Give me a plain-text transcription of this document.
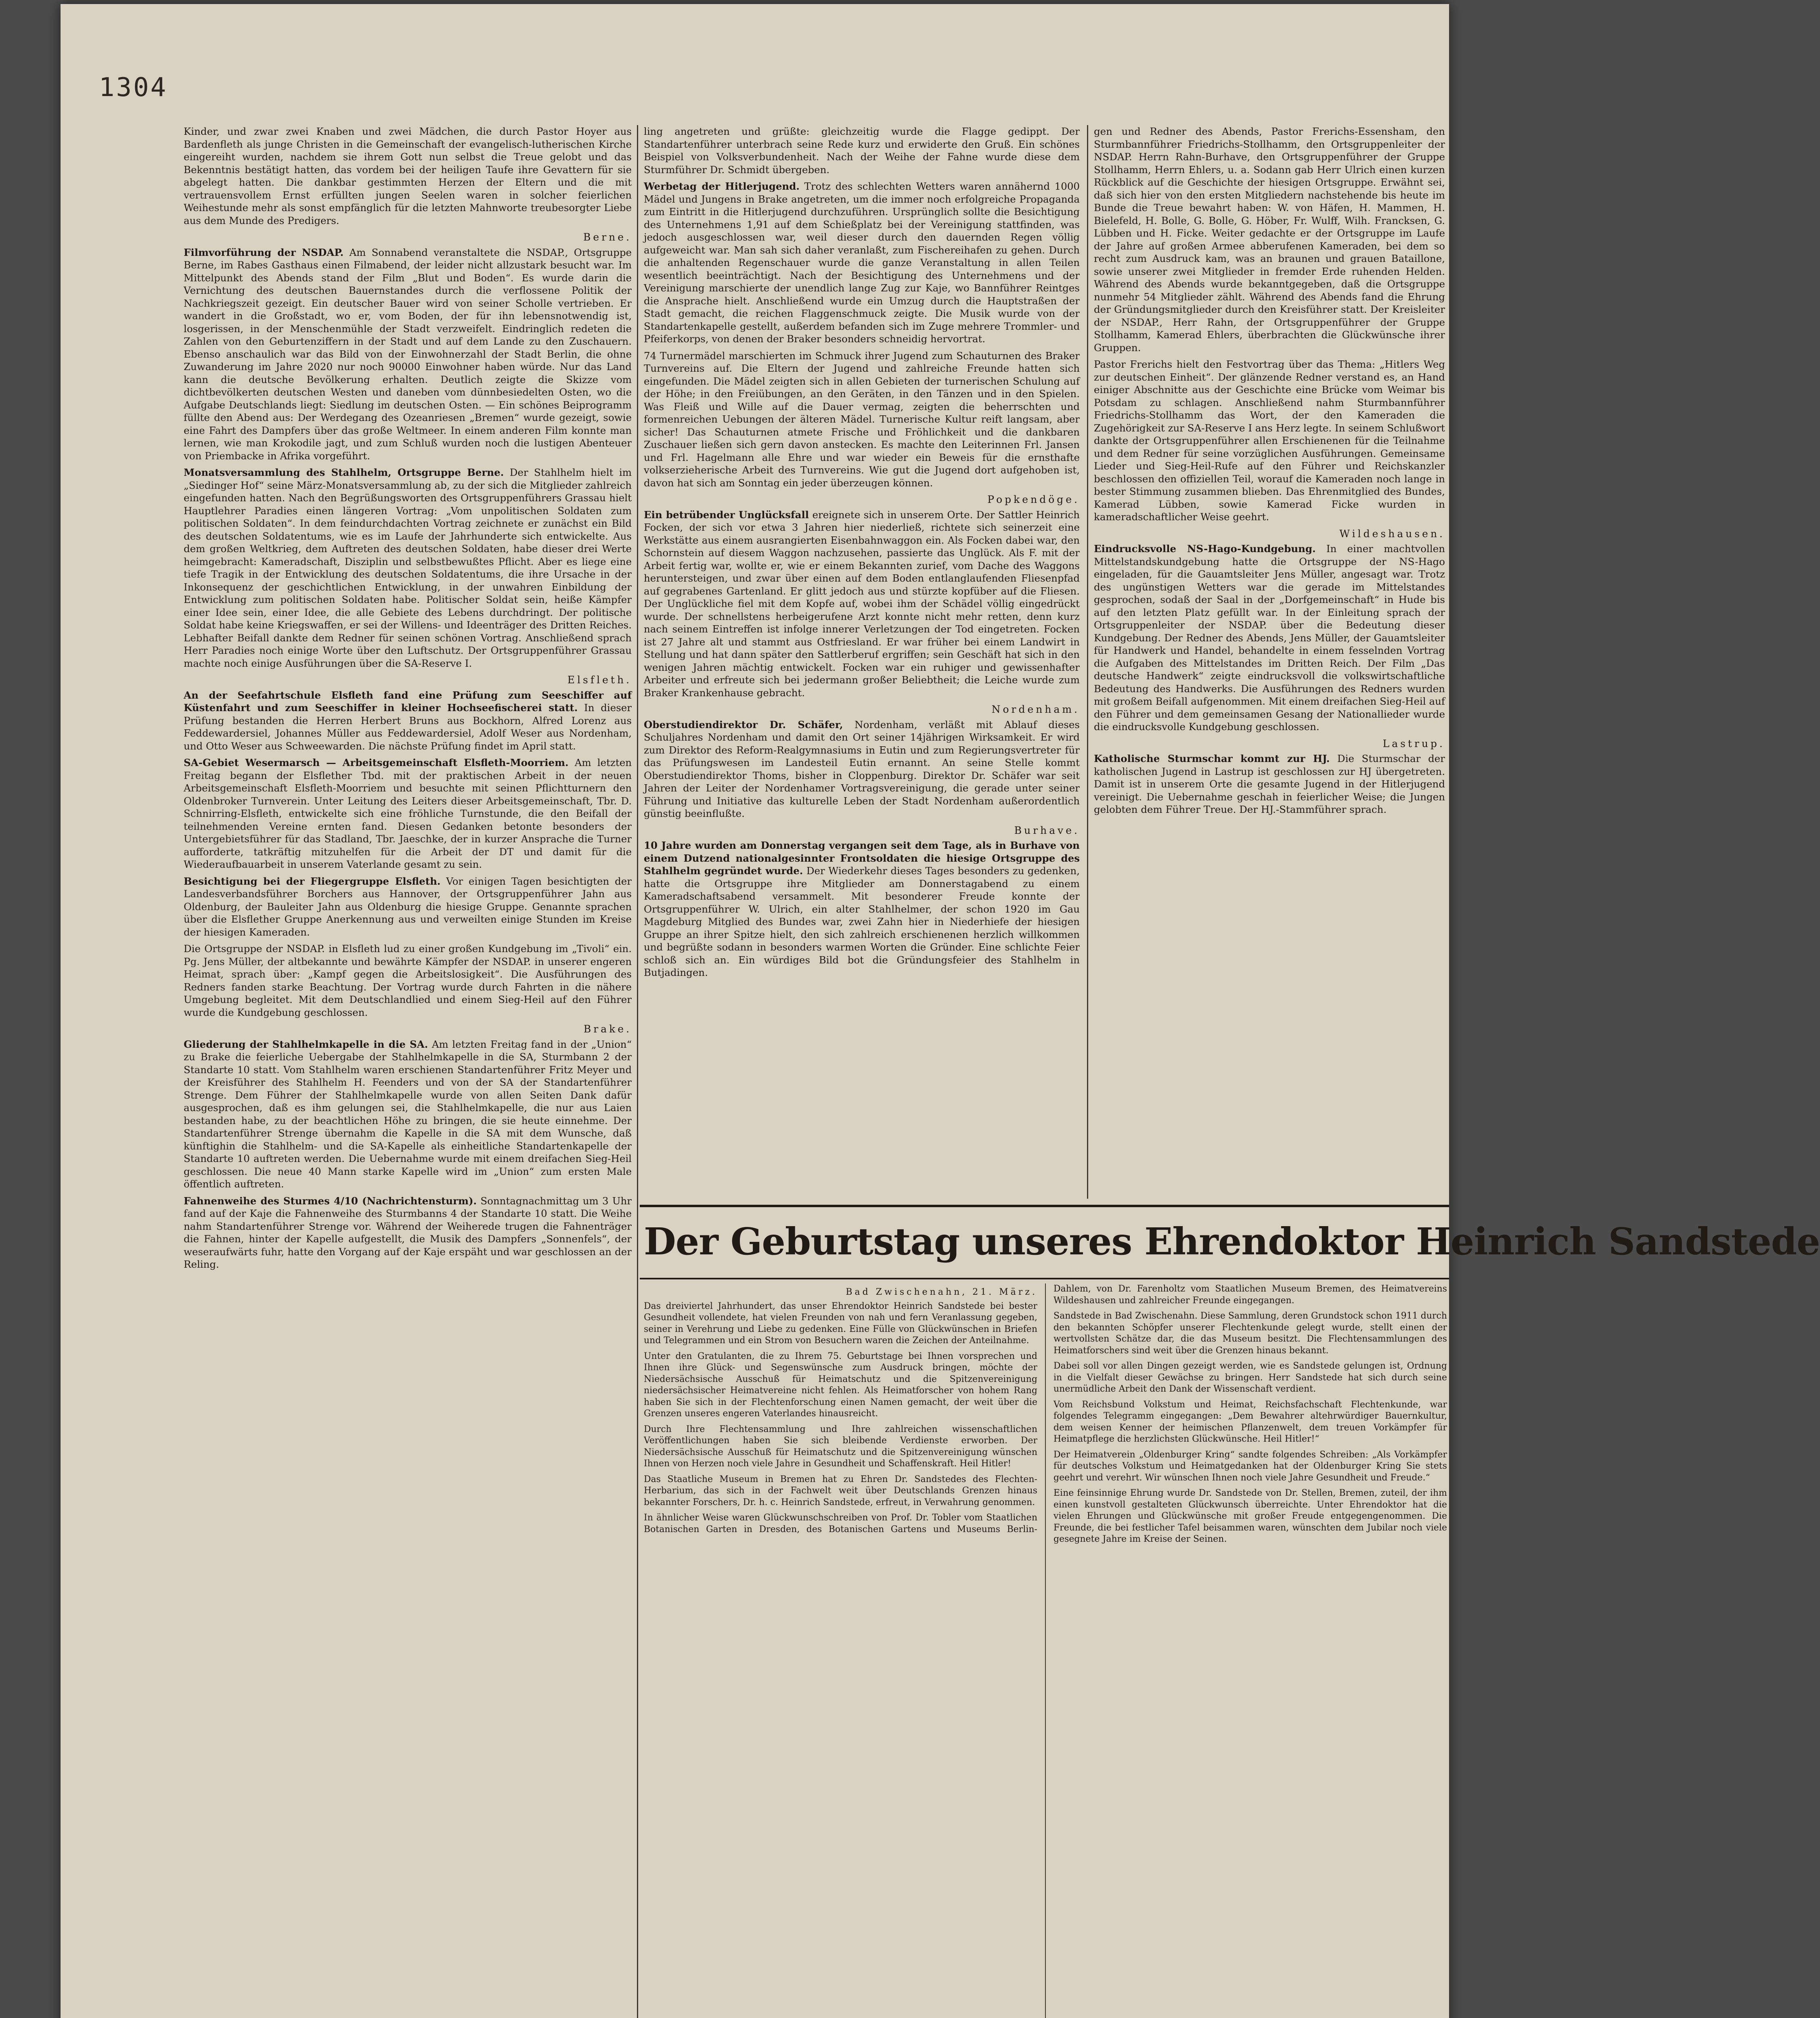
1304

Kinder, und zwar zwei Knaben und zwei Mädchen, die durch Pastor Hoyer aus Bardenfleth als junge Christen in die Gemeinschaft der evangelisch-lutherischen Kirche eingereiht wurden, nachdem sie ihrem Gott nun selbst die Treue gelobt und das Bekenntnis bestätigt hatten, das vordem bei der heiligen Taufe ihre Gevattern für sie abgelegt hatten. Die dankbar gestimmten Herzen der Eltern und die mit vertrauensvollem Ernst erfüllten jungen Seelen waren in solcher feierlichen Weihestunde mehr als sonst empfänglich für die letzten Mahnworte treubesorgter Liebe aus dem Munde des Predigers.

Berne.

Filmvorführung der NSDAP. Am Sonnabend veranstaltete die NSDAP., Ortsgruppe Berne, im Rabes Gasthaus einen Filmabend, der leider nicht allzustark besucht war. Im Mittelpunkt des Abends stand der Film „Blut und Boden“. Es wurde darin die Vernichtung des deutschen Bauernstandes durch die verflossene Politik der Nachkriegszeit gezeigt. Ein deutscher Bauer wird von seiner Scholle vertrieben. Er wandert in die Großstadt, wo er, vom Boden, der für ihn lebensnotwendig ist, losgerissen, in der Menschenmühle der Stadt verzweifelt. Eindringlich redeten die Zahlen von den Geburtenziffern in der Stadt und auf dem Lande zu den Zuschauern. Ebenso anschaulich war das Bild von der Einwohnerzahl der Stadt Berlin, die ohne Zuwanderung im Jahre 2020 nur noch 90000 Einwohner haben würde. Nur das Land kann die deutsche Bevölkerung erhalten. Deutlich zeigte die Skizze vom dichtbevölkerten deutschen Westen und daneben vom dünnbesiedelten Osten, wo die Aufgabe Deutschlands liegt: Siedlung im deutschen Osten. — Ein schönes Beiprogramm füllte den Abend aus: Der Werdegang des Ozeanriesen „Bremen“ wurde gezeigt, sowie eine Fahrt des Dampfers über das große Weltmeer. In einem anderen Film konnte man lernen, wie man Krokodile jagt, und zum Schluß wurden noch die lustigen Abenteuer von Priembacke in Afrika vorgeführt.

Monatsversammlung des Stahlhelm, Ortsgruppe Berne. Der Stahlhelm hielt im „Siedinger Hof“ seine März-Monatsversammlung ab, zu der sich die Mitglieder zahlreich eingefunden hatten. Nach den Begrüßungsworten des Ortsgruppenführers Grassau hielt Hauptlehrer Paradies einen längeren Vortrag: „Vom unpolitischen Soldaten zum politischen Soldaten“. In dem feindurchdachten Vortrag zeichnete er zunächst ein Bild des deutschen Soldatentums, wie es im Laufe der Jahrhunderte sich entwickelte. Aus dem großen Weltkrieg, dem Auftreten des deutschen Soldaten, habe dieser drei Werte heimgebracht: Kameradschaft, Disziplin und selbstbewußtes Pflicht. Aber es liege eine tiefe Tragik in der Entwicklung des deutschen Soldatentums, die ihre Ursache in der Inkonsequenz der geschichtlichen Entwicklung, in der unwahren Einbildung der Entwicklung zum politischen Soldaten habe. Politischer Soldat sein, heiße Kämpfer einer Idee sein, einer Idee, die alle Gebiete des Lebens durchdringt. Der politische Soldat habe keine Kriegswaffen, er sei der Willens- und Ideenträger des Dritten Reiches. Lebhafter Beifall dankte dem Redner für seinen schönen Vortrag. Anschließend sprach Herr Paradies noch einige Worte über den Luftschutz. Der Ortsgruppenführer Grassau machte noch einige Ausführungen über die SA-Reserve I.

Elsfleth.

An der Seefahrtschule Elsfleth fand eine Prüfung zum Seeschiffer auf Küstenfahrt und zum Seeschiffer in kleiner Hochseefischerei statt. In dieser Prüfung bestanden die Herren Herbert Bruns aus Bockhorn, Alfred Lorenz aus Feddewardersiel, Johannes Müller aus Feddewardersiel, Adolf Weser aus Nordenham, und Otto Weser aus Schweewarden. Die nächste Prüfung findet im April statt.

SA-Gebiet Wesermarsch — Arbeitsgemeinschaft Elsfleth-Moorriem. Am letzten Freitag begann der Elsflether Tbd. mit der praktischen Arbeit in der neuen Arbeitsgemeinschaft Elsfleth-Moorriem und besuchte mit seinen Pflichtturnern den Oldenbroker Turnverein. Unter Leitung des Leiters dieser Arbeitsgemeinschaft, Tbr. D. Schnirring-Elsfleth, entwickelte sich eine fröhliche Turnstunde, die den Beifall der teilnehmenden Vereine ernten fand. Diesen Gedanken betonte besonders der Untergebietsführer für das Stadland, Tbr. Jaeschke, der in kurzer Ansprache die Turner aufforderte, tatkräftig mitzuhelfen für die Arbeit der DT und damit für die Wiederaufbauarbeit in unserem Vaterlande gesamt zu sein.

Besichtigung bei der Fliegergruppe Elsfleth. Vor einigen Tagen besichtigten der Landesverbandsführer Borchers aus Hannover, der Ortsgruppenführer Jahn aus Oldenburg, der Bauleiter Jahn aus Oldenburg die hiesige Gruppe. Genannte sprachen über die Elsflether Gruppe Anerkennung aus und verweilten einige Stunden im Kreise der hiesigen Kameraden.

Die Ortsgruppe der NSDAP. in Elsfleth lud zu einer großen Kundgebung im „Tivoli“ ein. Pg. Jens Müller, der altbekannte und bewährte Kämpfer der NSDAP. in unserer engeren Heimat, sprach über: „Kampf gegen die Arbeitslosigkeit“. Die Ausführungen des Redners fanden starke Beachtung. Der Vortrag wurde durch Fahrten in die nähere Umgebung begleitet. Mit dem Deutschlandlied und einem Sieg-Heil auf den Führer wurde die Kundgebung geschlossen.

Brake.

Gliederung der Stahlhelmkapelle in die SA. Am letzten Freitag fand in der „Union“ zu Brake die feierliche Uebergabe der Stahlhelmkapelle in die SA, Sturmbann 2 der Standarte 10 statt. Vom Stahlhelm waren erschienen Standartenführer Fritz Meyer und der Kreisführer des Stahlhelm H. Feenders und von der SA der Standartenführer Strenge. Dem Führer der Stahlhelmkapelle wurde von allen Seiten Dank dafür ausgesprochen, daß es ihm gelungen sei, die Stahlhelmkapelle, die nur aus Laien bestanden habe, zu der beachtlichen Höhe zu bringen, die sie heute einnehme. Der Standartenführer Strenge übernahm die Kapelle in die SA mit dem Wunsche, daß künftighin die Stahlhelm- und die SA-Kapelle als einheitliche Standartenkapelle der Standarte 10 auftreten werden. Die Uebernahme wurde mit einem dreifachen Sieg-Heil geschlossen. Die neue 40 Mann starke Kapelle wird im „Union“ zum ersten Male öffentlich auftreten.

Fahnenweihe des Sturmes 4/10 (Nachrichtensturm). Sonntagnachmittag um 3 Uhr fand auf der Kaje die Fahnenweihe des Sturmbanns 4 der Standarte 10 statt. Die Weihe nahm Standartenführer Strenge vor. Während der Weiherede trugen die Fahnenträger die Fahnen, hinter der Kapelle aufgestellt, die Musik des Dampfers „Sonnenfels“, der weseraufwärts fuhr, hatte den Vorgang auf der Kaje erspäht und war geschlossen an der Reling.

ling angetreten und grüßte: gleichzeitig wurde die Flagge gedippt. Der Standartenführer unterbrach seine Rede kurz und erwiderte den Gruß. Ein schönes Beispiel von Volksverbundenheit. Nach der Weihe der Fahne wurde diese dem Sturmführer Dr. Schmidt übergeben.

Werbetag der Hitlerjugend. Trotz des schlechten Wetters waren annähernd 1000 Mädel und Jungens in Brake angetreten, um die immer noch erfolgreiche Propaganda zum Eintritt in die Hitlerjugend durchzuführen. Ursprünglich sollte die Besichtigung des Unternehmens 1,91 auf dem Schießplatz bei der Vereinigung stattfinden, was jedoch ausgeschlossen war, weil dieser durch den dauernden Regen völlig aufgeweicht war. Man sah sich daher veranlaßt, zum Fischereihafen zu gehen. Durch die anhaltenden Regenschauer wurde die ganze Veranstaltung in allen Teilen wesentlich beeinträchtigt. Nach der Besichtigung des Unternehmens und der Vereinigung marschierte der unendlich lange Zug zur Kaje, wo Bannführer Reintges die Ansprache hielt. Anschließend wurde ein Umzug durch die Hauptstraßen der Stadt gemacht, die reichen Flaggenschmuck zeigte. Die Musik wurde von der Standartenkapelle gestellt, außerdem befanden sich im Zuge mehrere Trommler- und Pfeiferkorps, von denen der Braker besonders schneidig hervortrat.

74 Turnermädel marschierten im Schmuck ihrer Jugend zum Schauturnen des Braker Turnvereins auf. Die Eltern der Jugend und zahlreiche Freunde hatten sich eingefunden. Die Mädel zeigten sich in allen Gebieten der turnerischen Schulung auf der Höhe; in den Freiübungen, an den Geräten, in den Tänzen und in den Spielen. Was Fleiß und Wille auf die Dauer vermag, zeigten die beherrschten und formenreichen Uebungen der älteren Mädel. Turnerische Kultur reift langsam, aber sicher! Das Schauturnen atmete Frische und Fröhlichkeit und die dankbaren Zuschauer ließen sich gern davon anstecken. Es machte den Leiterinnen Frl. Jansen und Frl. Hagelmann alle Ehre und war wieder ein Beweis für die ernsthafte volkserzieherische Arbeit des Turnvereins. Wie gut die Jugend dort aufgehoben ist, davon hat sich am Sonntag ein jeder überzeugen können.

Popkendöge.

Ein betrübender Unglücksfall ereignete sich in unserem Orte. Der Sattler Heinrich Focken, der sich vor etwa 3 Jahren hier niederließ, richtete sich seinerzeit eine Werkstätte aus einem ausrangierten Eisenbahnwaggon ein. Als Focken dabei war, den Schornstein auf diesem Waggon nachzusehen, passierte das Unglück. Als F. mit der Arbeit fertig war, wollte er, wie er einem Bekannten zurief, vom Dache des Waggons heruntersteigen, und zwar über einen auf dem Boden entlanglaufenden Fliesenpfad auf gegrabenes Gartenland. Er glitt jedoch aus und stürzte kopfüber auf die Fliesen. Der Unglückliche fiel mit dem Kopfe auf, wobei ihm der Schädel völlig eingedrückt wurde. Der schnellstens herbeigerufene Arzt konnte nicht mehr retten, denn kurz nach seinem Eintreffen ist infolge innerer Verletzungen der Tod eingetreten. Focken ist 27 Jahre alt und stammt aus Ostfriesland. Er war früher bei einem Landwirt in Stellung und hat dann später den Sattlerberuf ergriffen; sein Geschäft hat sich in den wenigen Jahren mächtig entwickelt. Focken war ein ruhiger und gewissenhafter Arbeiter und erfreute sich bei jedermann großer Beliebtheit; die Leiche wurde zum Braker Krankenhause gebracht.

Nordenham.

Oberstudiendirektor Dr. Schäfer, Nordenham, verläßt mit Ablauf dieses Schuljahres Nordenham und damit den Ort seiner 14jährigen Wirksamkeit. Er wird zum Direktor des Reform-Realgymnasiums in Eutin und zum Regierungsvertreter für das Prüfungswesen im Landesteil Eutin ernannt. An seine Stelle kommt Oberstudiendirektor Thoms, bisher in Cloppenburg. Direktor Dr. Schäfer war seit Jahren der Leiter der Nordenhamer Vortragsvereinigung, die gerade unter seiner Führung und Initiative das kulturelle Leben der Stadt Nordenham außerordentlich günstig beeinflußte.

Burhave.

10 Jahre wurden am Donnerstag vergangen seit dem Tage, als in Burhave von einem Dutzend nationalgesinnter Frontsoldaten die hiesige Ortsgruppe des Stahlhelm gegründet wurde. Der Wiederkehr dieses Tages besonders zu gedenken, hatte die Ortsgruppe ihre Mitglieder am Donnerstagabend zu einem Kameradschaftsabend versammelt. Mit besonderer Freude konnte der Ortsgruppenführer W. Ulrich, ein alter Stahlhelmer, der schon 1920 im Gau Magdeburg Mitglied des Bundes war, zwei Zahn hier in Niederhiefe der hiesigen Gruppe an ihrer Spitze hielt, den sich zahlreich erschienenen herzlich willkommen und begrüßte sodann in besonders warmen Worten die Gründer. Eine schlichte Feier schloß sich an. Ein würdiges Bild bot die Gründungsfeier des Stahlhelm in Butjadingen.

gen und Redner des Abends, Pastor Frerichs-Essensham, den Sturmbannführer Friedrichs-Stollhamm, den Ortsgruppenleiter der NSDAP. Herrn Rahn-Burhave, den Ortsgruppenführer der Gruppe Stollhamm, Herrn Ehlers, u. a. Sodann gab Herr Ulrich einen kurzen Rückblick auf die Geschichte der hiesigen Ortsgruppe. Erwähnt sei, daß sich hier von den ersten Mitgliedern nachstehende bis heute im Bunde die Treue bewahrt haben: W. von Häfen, H. Mammen, H. Bielefeld, H. Bolle, G. Bolle, G. Höber, Fr. Wulff, Wilh. Francksen, G. Lübben und H. Ficke. Weiter gedachte er der Ortsgruppe im Laufe der Jahre auf großen Armee abberufenen Kameraden, bei dem so recht zum Ausdruck kam, was an braunen und grauen Bataillone, sowie unserer zwei Mitglieder in fremder Erde ruhenden Helden. Während des Abends wurde bekanntgegeben, daß die Ortsgruppe nunmehr 54 Mitglieder zählt. Während des Abends fand die Ehrung der Gründungsmitglieder durch den Kreisführer statt. Der Kreisleiter der NSDAP., Herr Rahn, der Ortsgruppenführer der Gruppe Stollhamm, Kamerad Ehlers, überbrachten die Glückwünsche ihrer Gruppen.

Pastor Frerichs hielt den Festvortrag über das Thema: „Hitlers Weg zur deutschen Einheit“. Der glänzende Redner verstand es, an Hand einiger Abschnitte aus der Geschichte eine Brücke vom Weimar bis Potsdam zu schlagen. Anschließend nahm Sturmbannführer Friedrichs-Stollhamm das Wort, der den Kameraden die Zugehörigkeit zur SA-Reserve I ans Herz legte. In seinem Schlußwort dankte der Ortsgruppenführer allen Erschienenen für die Teilnahme und dem Redner für seine vorzüglichen Ausführungen. Gemeinsame Lieder und Sieg-Heil-Rufe auf den Führer und Reichskanzler beschlossen den offiziellen Teil, worauf die Kameraden noch lange in bester Stimmung zusammen blieben. Das Ehrenmitglied des Bundes, Kamerad Lübben, sowie Kamerad Ficke wurden in kameradschaftlicher Weise geehrt.

Wildeshausen.

Eindrucksvolle NS-Hago-Kundgebung. In einer machtvollen Mittelstandskundgebung hatte die Ortsgruppe der NS-Hago eingeladen, für die Gauamtsleiter Jens Müller, angesagt war. Trotz des ungünstigen Wetters war die gerade im Mittelstandes gesprochen, sodaß der Saal in der „Dorfgemeinschaft“ in Hude bis auf den letzten Platz gefüllt war. In der Einleitung sprach der Ortsgruppenleiter der NSDAP. über die Bedeutung dieser Kundgebung. Der Redner des Abends, Jens Müller, der Gauamtsleiter für Handwerk und Handel, behandelte in einem fesselnden Vortrag die Aufgaben des Mittelstandes im Dritten Reich. Der Film „Das deutsche Handwerk“ zeigte eindrucksvoll die volkswirtschaftliche Bedeutung des Handwerks. Die Ausführungen des Redners wurden mit großem Beifall aufgenommen. Mit einem dreifachen Sieg-Heil auf den Führer und dem gemeinsamen Gesang der Nationallieder wurde die eindrucksvolle Kundgebung geschlossen.

Lastrup.

Katholische Sturmschar kommt zur HJ. Die Sturmschar der katholischen Jugend in Lastrup ist geschlossen zur HJ übergetreten. Damit ist in unserem Orte die gesamte Jugend in der Hitlerjugend vereinigt. Die Uebernahme geschah in feierlicher Weise; die Jungen gelobten dem Führer Treue. Der HJ.-Stammführer sprach.

Der Geburtstag unseres Ehrendoktor Heinrich Sandstede

Bad Zwischenahn, 21. März.

Das dreiviertel Jahrhundert, das unser Ehrendoktor Heinrich Sandstede bei bester Gesundheit vollendete, hat vielen Freunden von nah und fern Veranlassung gegeben, seiner in Verehrung und Liebe zu gedenken. Eine Fülle von Glückwünschen in Briefen und Telegrammen und ein Strom von Besuchern waren die Zeichen der Anteilnahme.

Unter den Gratulanten, die zu Ihrem 75. Geburtstage bei Ihnen vorsprechen und Ihnen ihre Glück- und Segenswünsche zum Ausdruck bringen, möchte der Niedersächsische Ausschuß für Heimatschutz und die Spitzenvereinigung niedersächsischer Heimatvereine nicht fehlen. Als Heimatforscher von hohem Rang haben Sie sich in der Flechtenforschung einen Namen gemacht, der weit über die Grenzen unseres engeren Vaterlandes hinausreicht.

Durch Ihre Flechtensammlung und Ihre zahlreichen wissenschaftlichen Veröffentlichungen haben Sie sich bleibende Verdienste erworben. Der Niedersächsische Ausschuß für Heimatschutz und die Spitzenvereinigung wünschen Ihnen von Herzen noch viele Jahre in Gesundheit und Schaffenskraft. Heil Hitler!

Das Staatliche Museum in Bremen hat zu Ehren Dr. Sandstedes des Flechten-Herbarium, das sich in der Fachwelt weit über Deutschlands Grenzen hinaus bekannter Forschers, Dr. h. c. Heinrich Sandstede, erfreut, in Verwahrung genommen.

In ähnlicher Weise waren Glückwunschschreiben von Prof. Dr. Tobler vom Staatlichen Botanischen Garten in Dresden, des Botanischen Gartens und Museums Berlin-Dahlem, von Dr. Farenholtz vom Staatlichen Museum Bremen, des Heimatvereins Wildeshausen und zahlreicher Freunde eingegangen.

Sandstede in Bad Zwischenahn. Diese Sammlung, deren Grundstock schon 1911 durch den bekannten Schöpfer unserer Flechtenkunde gelegt wurde, stellt einen der wertvollsten Schätze dar, die das Museum besitzt. Die Flechtensammlungen des Heimatforschers sind weit über die Grenzen hinaus bekannt.

Dabei soll vor allen Dingen gezeigt werden, wie es Sandstede gelungen ist, Ordnung in die Vielfalt dieser Gewächse zu bringen. Herr Sandstede hat sich durch seine unermüdliche Arbeit den Dank der Wissenschaft verdient.

Vom Reichsbund Volkstum und Heimat, Reichsfachschaft Flechtenkunde, war folgendes Telegramm eingegangen: „Dem Bewahrer altehrwürdiger Bauernkultur, dem weisen Kenner der heimischen Pflanzenwelt, dem treuen Vorkämpfer für Heimatpflege die herzlichsten Glückwünsche. Heil Hitler!“

Der Heimatverein „Oldenburger Kring“ sandte folgendes Schreiben: „Als Vorkämpfer für deutsches Volkstum und Heimatgedanken hat der Oldenburger Kring Sie stets geehrt und verehrt. Wir wünschen Ihnen noch viele Jahre Gesundheit und Freude.“

Eine feinsinnige Ehrung wurde Dr. Sandstede von Dr. Stellen, Bremen, zuteil, der ihm einen kunstvoll gestalteten Glückwunsch überreichte. Unter Ehrendoktor hat die vielen Ehrungen und Glückwünsche mit großer Freude entgegengenommen. Die Freunde, die bei festlicher Tafel beisammen waren, wünschten dem Jubilar noch viele gesegnete Jahre im Kreise der Seinen.
